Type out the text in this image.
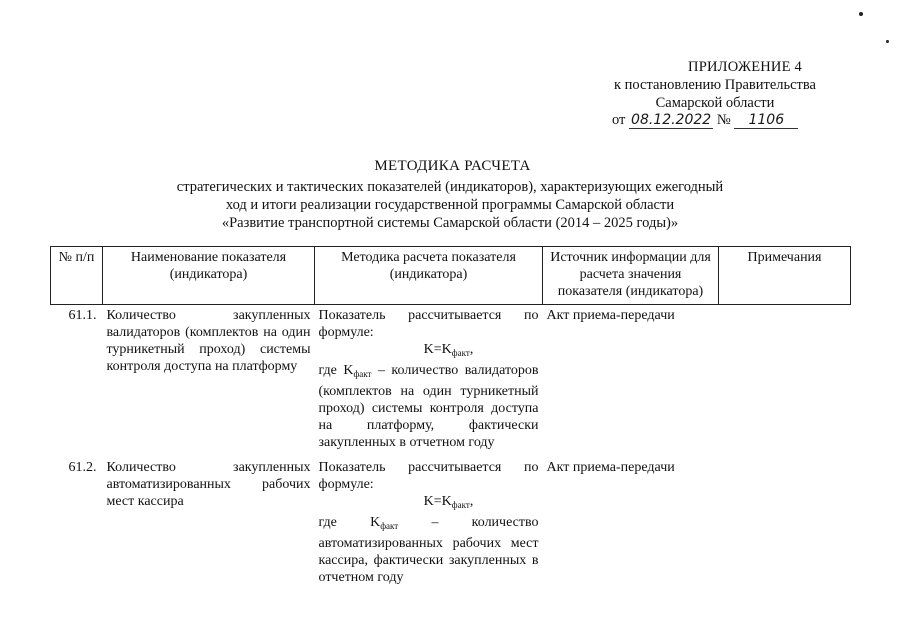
ПРИЛОЖЕНИЕ 4
к постановлению Правительства
Самарской области
от 08.12.2022 № 1106
МЕТОДИКА РАСЧЕТА
стратегических и тактических показателей (индикаторов), характеризующих ежегодный
ход и итоги реализации государственной программы Самарской области
«Развитие транспортной системы Самарской области (2014 – 2025 годы)»
№ п/п	Наименование показателя (индикатора)	Методика расчета показателя (индикатора)	Источник информации для расчета значения показателя (индикатора)	Примечания
61.1.	Количество закупленных валидаторов (комплектов на один турникетный проход) системы контроля доступа на платформу	Показатель рассчитывается по формуле:
$K=K_{факт}$,
где $K_{факт}$ – количество валидаторов (комплектов на один турникетный проход) системы контроля доступа на платформу, фактически закупленных в отчетном году	Акт приема-передачи	
61.2.	Количество закупленных автоматизированных рабочих мест кассира	Показатель рассчитывается по формуле:
$K=K_{факт}$,
где $K_{факт}$ – количество автоматизированных рабочих мест кассира, фактически закупленных в отчетном году	Акт приема-передачи	
